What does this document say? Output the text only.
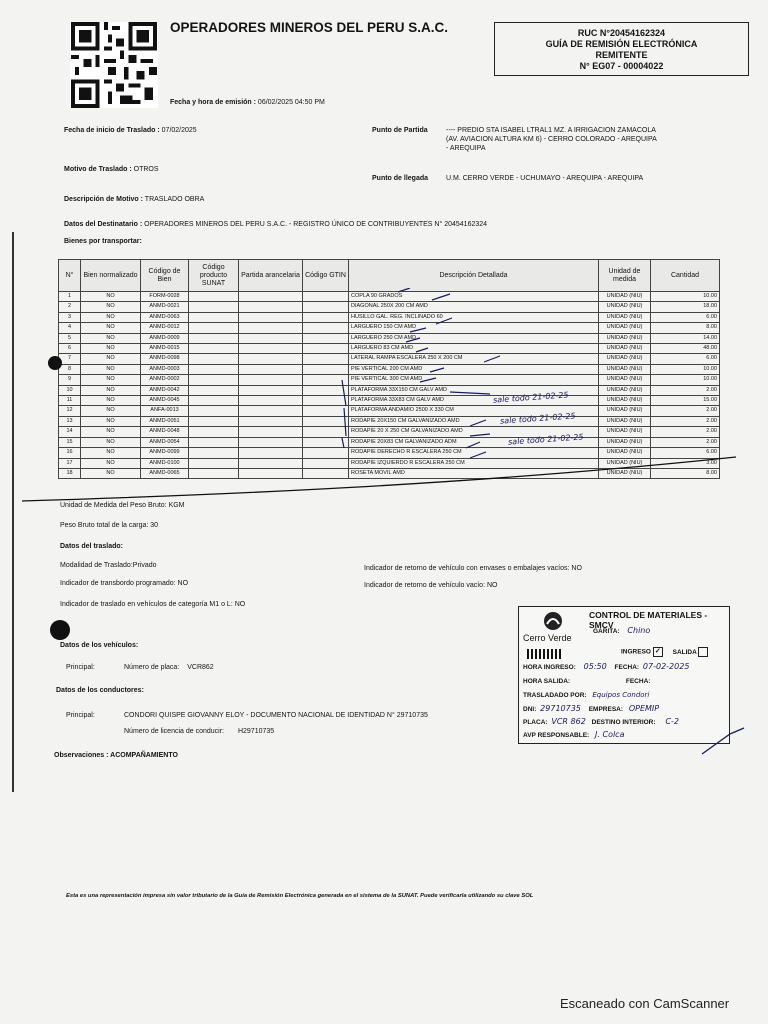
OPERADORES MINEROS DEL PERU S.A.C.
Fecha y hora de emisión : 06/02/2025 04:50 PM
RUC N°20454162324
GUÍA DE REMISIÓN ELECTRÓNICA
REMITENTE
N° EG07 - 00004022
Fecha de inicio de Traslado : 07/02/2025	Punto de Partida	---- PREDIO STA ISABEL LTRAL1 MZ. A IRRIGACION ZAMACOLA
(AV. AVIACION ALTURA KM 6) - CERRO COLORADO - AREQUIPA
- AREQUIPA
Motivo de Traslado : OTROS
Punto de llegada	U.M. CERRO VERDE - UCHUMAYO - AREQUIPA - AREQUIPA
Descripción de Motivo : TRASLADO OBRA
Datos del Destinatario : OPERADORES MINEROS DEL PERU S.A.C. - REGISTRO ÚNICO DE CONTRIBUYENTES N° 20454162324
Bienes por transportar:
N°	Bien normalizado	Código de Bien	Código producto SUNAT	Partida arancelaria	Código GTIN	Descripción Detallada	Unidad de medida	Cantidad
1	NO	FORM-0028				COPLA 90 GRADOS	UNIDAD (NIU)	10.00
2	NO	ANMD-0021				DIAGONAL 250X 200 CM AMD	UNIDAD (NIU)	18.00
3	NO	ANMD-0063				HUSILLO GAL. REG. INCLINADO 60	UNIDAD (NIU)	6.00
4	NO	ANMD-0012				LARGUERO 150 CM AMD	UNIDAD (NIU)	8.00
5	NO	ANMD-0009				LARGUERO 250 CM AMD	UNIDAD (NIU)	14.00
6	NO	ANMD-0015				LARGUERO 83 CM AMD	UNIDAD (NIU)	48.00
7	NO	ANMD-0098				LATERAL RAMPA ESCALERA 250 X 200 CM	UNIDAD (NIU)	6.00
8	NO	ANMD-0003				PIE VERTICAL 200 CM AMD	UNIDAD (NIU)	10.00
9	NO	ANMD-0002				PIE VERTICAL 300 CM AMD	UNIDAD (NIU)	10.00
10	NO	ANMD-0042				PLATAFORMA 33X150 CM GALV AMD	UNIDAD (NIU)	2.00
11	NO	ANMD-0045				PLATAFORMA 33X83 CM GALV AMD	UNIDAD (NIU)	15.00
12	NO	ANFA-0013				PLATAFORMA ANDAMIO 2500 X 330 CM	UNIDAD (NIU)	2.00
13	NO	ANMD-0051				RODAPIE 20X150 CM GALVANIZADO AMD	UNIDAD (NIU)	2.00
14	NO	ANMD-0048				RODAPIE 20 X 250 CM GALVANIZADO AMD	UNIDAD (NIU)	2.00
15	NO	ANMD-0054				RODAPIE 20X83 CM GALVANIZADO ADM	UNIDAD (NIU)	2.00
16	NO	ANMD-0099				RODAPIE DERECHO R ESCALERA 250 CM	UNIDAD (NIU)	6.00
17	NO	ANMD-0100				RODAPIE IZQUIERDO R ESCALERA 250 CM	UNIDAD (NIU)	3.00
18	NO	ANMD-0065				ROSETA MOVIL AMD	UNIDAD (NIU)	8.00
sale todo 21-02-25
sale todo 21-02-25
sale todo 21-02-25
Unidad de Medida del Peso Bruto: KGM
Peso Bruto total de la carga: 30
Datos del traslado:
Modalidad de Traslado:Privado	Indicador de retorno de vehículo con envases o embalajes vacíos: NO
Indicador de transbordo programado: NO	Indicador de retorno de vehículo vacío: NO
Indicador de traslado en vehículos de categoría M1 o L: NO
Datos de los vehículos:
Principal:	Número de placa: VCR862
Datos de los conductores:
Principal:	CONDORI QUISPE GIOVANNY ELOY - DOCUMENTO NACIONAL DE IDENTIDAD N° 29710735
Número de licencia de conducir: H29710735
Observaciones : ACOMPAÑAMIENTO
CONTROL DE MATERIALES -SMCV
Cerro Verde
GARITA: Chino
INGRESO ✓ SALIDA
HORA INGRESO: 05:50 FECHA: 07-02-2025
HORA SALIDA:	FECHA:
TRASLADADO POR: Equipos Condori
DNI: 29710735 EMPRESA: OPEMIP
PLACA: VCR 862 DESTINO INTERIOR: C-2
AVP RESPONSABLE: J. Colca
Esta es una representación impresa sin valor tributario de la Guía de Remisión Electrónica generada en el sistema de la SUNAT. Puede verificarla utilizando su clave SOL
Escaneado con CamScanner
